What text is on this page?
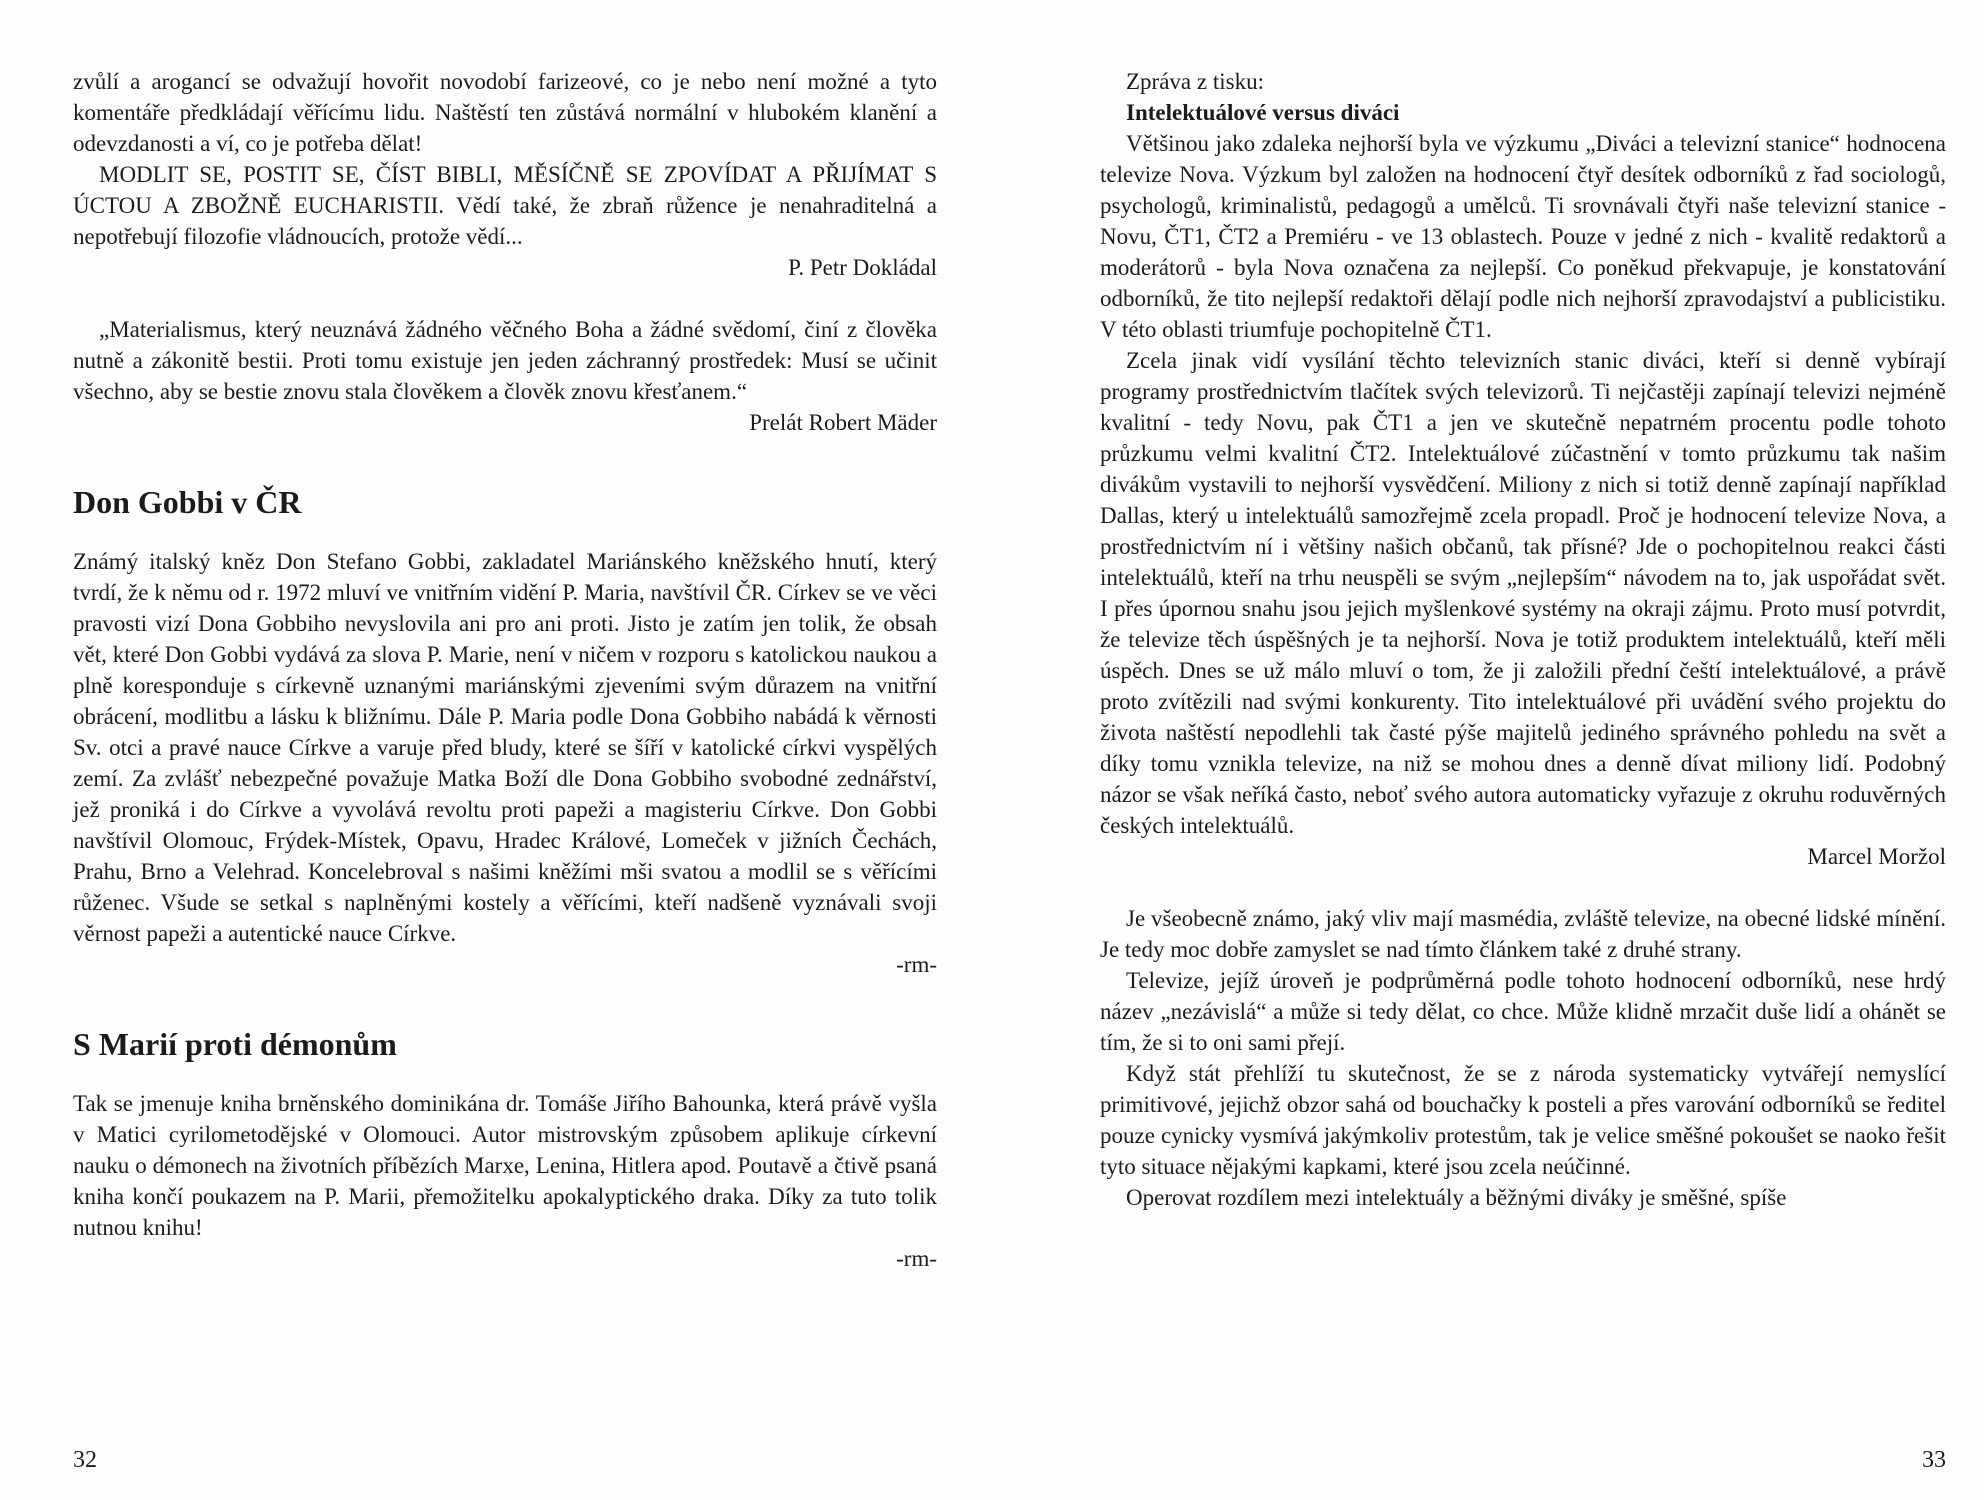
zvůlí a arogancí se odvažují hovořit novodobí farizeové, co je nebo není možné a tyto komentáře předkládají věřícímu lidu. Naštěstí ten zůstává normální v hlubokém klanění a odevzdanosti a ví, co je potřeba dělat!

MODLIT SE, POSTIT SE, ČÍST BIBLI, MĚSÍČNĚ SE ZPOVÍDAT A PŘIJÍMAT S ÚCTOU A ZBOŽNĚ EUCHARISTII. Vědí také, že zbraň růžence je nenahraditelná a nepotřebují filozofie vládnoucích, protože vědí...

P. Petr Dokládal

„Materialismus, který neuznává žádného věčného Boha a žádné svědomí, činí z člověka nutně a zákonitě bestii. Proti tomu existuje jen jeden záchranný prostředek: Musí se učinit všechno, aby se bestie znovu stala člověkem a člověk znovu křesťanem.“

Prelát Robert Mäder

Don Gobbi v ČR

Známý italský kněz Don Stefano Gobbi, zakladatel Mariánského kněžského hnutí, který tvrdí, že k němu od r. 1972 mluví ve vnitřním vidění P. Maria, navštívil ČR. Církev se ve věci pravosti vizí Dona Gobbiho nevyslovila ani pro ani proti. Jisto je zatím jen tolik, že obsah vět, které Don Gobbi vydává za slova P. Marie, není v ničem v rozporu s katolickou naukou a plně koresponduje s církevně uznanými mariánskými zjeveními svým důrazem na vnitřní obrácení, modlitbu a lásku k bližnímu. Dále P. Maria podle Dona Gobbiho nabádá k věrnosti Sv. otci a pravé nauce Církve a varuje před bludy, které se šíří v katolické církvi vyspělých zemí. Za zvlášť nebezpečné považuje Matka Boží dle Dona Gobbiho svobodné zednářství, jež proniká i do Církve a vyvolává revoltu proti papeži a magisteriu Církve. Don Gobbi navštívil Olomouc, Frýdek-Místek, Opavu, Hradec Králové, Lomeček v jižních Čechách, Prahu, Brno a Velehrad. Koncelebroval s našimi kněžími mši svatou a modlil se s věřícími růženec. Všude se setkal s naplněnými kostely a věřícími, kteří nadšeně vyznávali svoji věrnost papeži a autentické nauce Církve.

-rm-

S Marií proti démonům

Tak se jmenuje kniha brněnského dominikána dr. Tomáše Jiřího Bahounka, která právě vyšla v Matici cyrilometodějské v Olomouci. Autor mistrovským způsobem aplikuje církevní nauku o démonech na životních příbězích Marxe, Lenina, Hitlera apod. Poutavě a čtivě psaná kniha končí poukazem na P. Marii, přemožitelku apokalyptického draka. Díky za tuto tolik nutnou knihu!

-rm-

32

Zpráva z tisku:

Intelektuálové versus diváci

Většinou jako zdaleka nejhorší byla ve výzkumu „Diváci a televizní stanice“ hodnocena televize Nova. Výzkum byl založen na hodnocení čtyř desítek odborníků z řad sociologů, psychologů, kriminalistů, pedagogů a umělců. Ti srovnávali čtyři naše televizní stanice - Novu, ČT1, ČT2 a Premiéru - ve 13 oblastech. Pouze v jedné z nich - kvalitě redaktorů a moderátorů - byla Nova označena za nejlepší. Co poněkud překvapuje, je konstatování odborníků, že tito nejlepší redaktoři dělají podle nich nejhorší zpravodajství a publicistiku. V této oblasti triumfuje pochopitelně ČT1.

Zcela jinak vidí vysílání těchto televizních stanic diváci, kteří si denně vybírají programy prostřednictvím tlačítek svých televizorů. Ti nejčastěji zapínají televizi nejméně kvalitní - tedy Novu, pak ČT1 a jen ve skutečně nepatrném procentu podle tohoto průzkumu velmi kvalitní ČT2. Intelektuálové zúčastnění v tomto průzkumu tak našim divákům vystavili to nejhorší vysvědčení. Miliony z nich si totiž denně zapínají například Dallas, který u intelektuálů samozřejmě zcela propadl. Proč je hodnocení televize Nova, a prostřednictvím ní i většiny našich občanů, tak přísné? Jde o pochopitelnou reakci části intelektuálů, kteří na trhu neuspěli se svým „nejlepším“ návodem na to, jak uspořádat svět. I přes úpornou snahu jsou jejich myšlenkové systémy na okraji zájmu. Proto musí potvrdit, že televize těch úspěšných je ta nejhorší. Nova je totiž produktem intelektuálů, kteří měli úspěch. Dnes se už málo mluví o tom, že ji založili přední čeští intelektuálové, a právě proto zvítězili nad svými konkurenty. Tito intelektuálové při uvádění svého projektu do života naštěstí nepodlehli tak časté pýše majitelů jediného správného pohledu na svět a díky tomu vznikla televize, na niž se mohou dnes a denně dívat miliony lidí. Podobný názor se však neříká často, neboť svého autora automaticky vyřazuje z okruhu roduvěrných českých intelektuálů.

Marcel Moržol

Je všeobecně známo, jaký vliv mají masmédia, zvláště televize, na obecné lidské mínění. Je tedy moc dobře zamyslet se nad tímto článkem také z druhé strany.

Televize, jejíž úroveň je podprůměrná podle tohoto hodnocení odborníků, nese hrdý název „nezávislá“ a může si tedy dělat, co chce. Může klidně mrzačit duše lidí a ohánět se tím, že si to oni sami přejí.

Když stát přehlíží tu skutečnost, že se z národa systematicky vytvářejí nemyslící primitivové, jejichž obzor sahá od bouchačky k posteli a přes varování odborníků se ředitel pouze cynicky vysmívá jakýmkoliv protestům, tak je velice směšné pokoušet se naoko řešit tyto situace nějakými kapkami, které jsou zcela neúčinné.

Operovat rozdílem mezi intelektuály a běžnými diváky je směšné, spíše

33
